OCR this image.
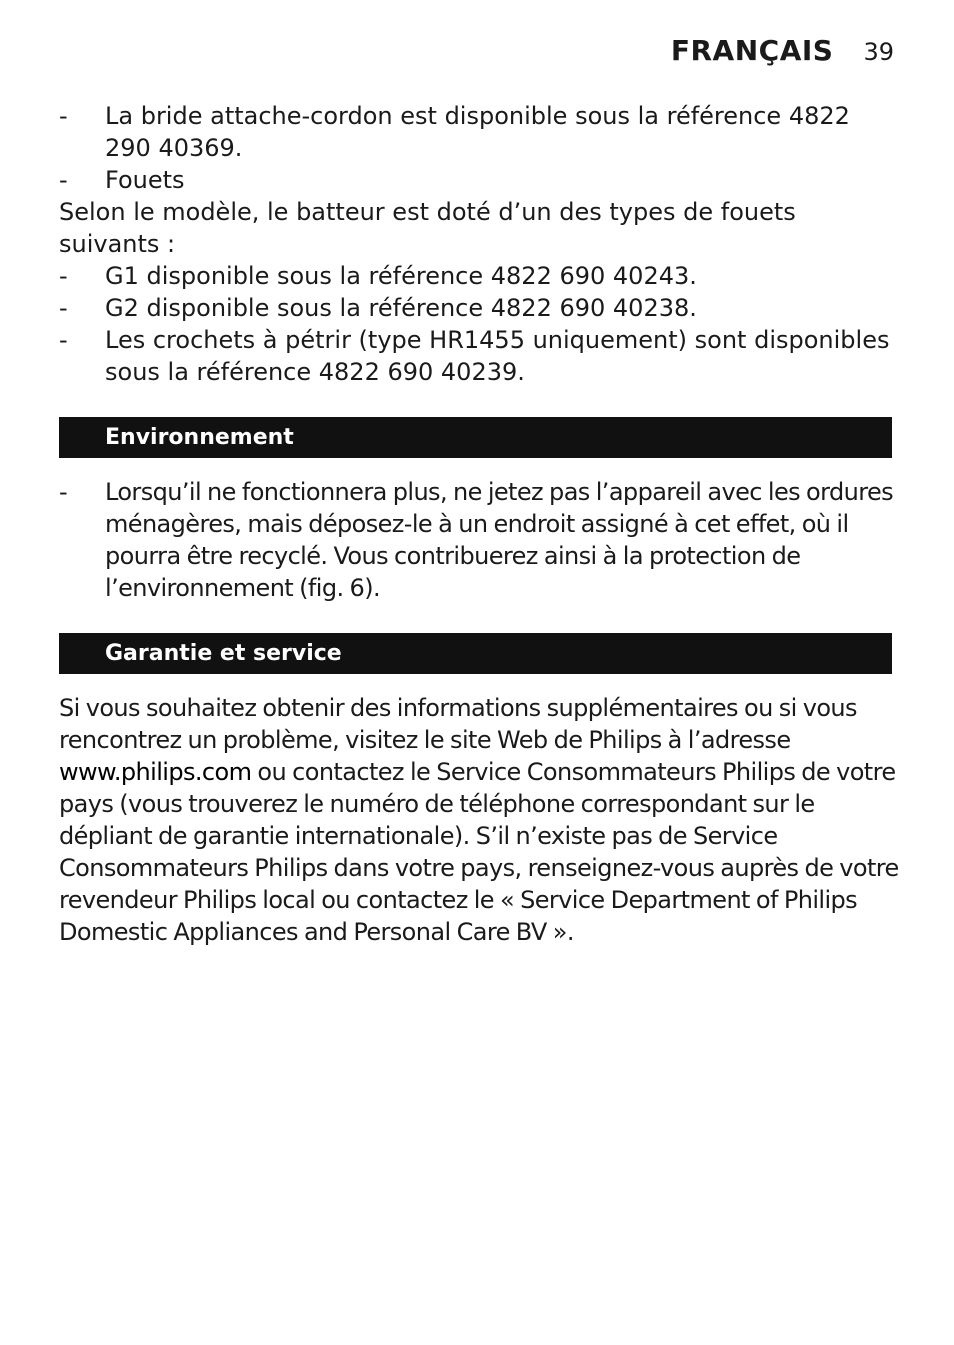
FRANÇAIS 39
-	La bride attache-cordon est disponible sous la référence 4822 290 40369.
-	Fouets

Selon le modèle, le batteur est doté d’un des types de fouets suivants :

-	G1 disponible sous la référence 4822 690 40243.
-	G2 disponible sous la référence 4822 690 40238.
-	Les crochets à pétrir (type HR1455 uniquement) sont disponibles sous la référence 4822 690 40239.
Environnement
-	Lorsqu’il ne fonctionnera plus, ne jetez pas l’appareil avec les ordures ménagères, mais déposez-le à un endroit assigné à cet effet, où il pourra être recyclé. Vous contribuerez ainsi à la protection de l’environnement (fig. 6).
Garantie et service

Si vous souhaitez obtenir des informations supplémentaires ou si vous rencontrez un problème, visitez le site Web de Philips à l’adresse www.philips.com ou contactez le Service Consommateurs Philips de votre pays (vous trouverez le numéro de téléphone correspondant sur le dépliant de garantie internationale). S’il n’existe pas de Service Consommateurs Philips dans votre pays, renseignez-vous auprès de votre revendeur Philips local ou contactez le « Service Department of Philips Domestic Appliances and Personal Care BV ».
